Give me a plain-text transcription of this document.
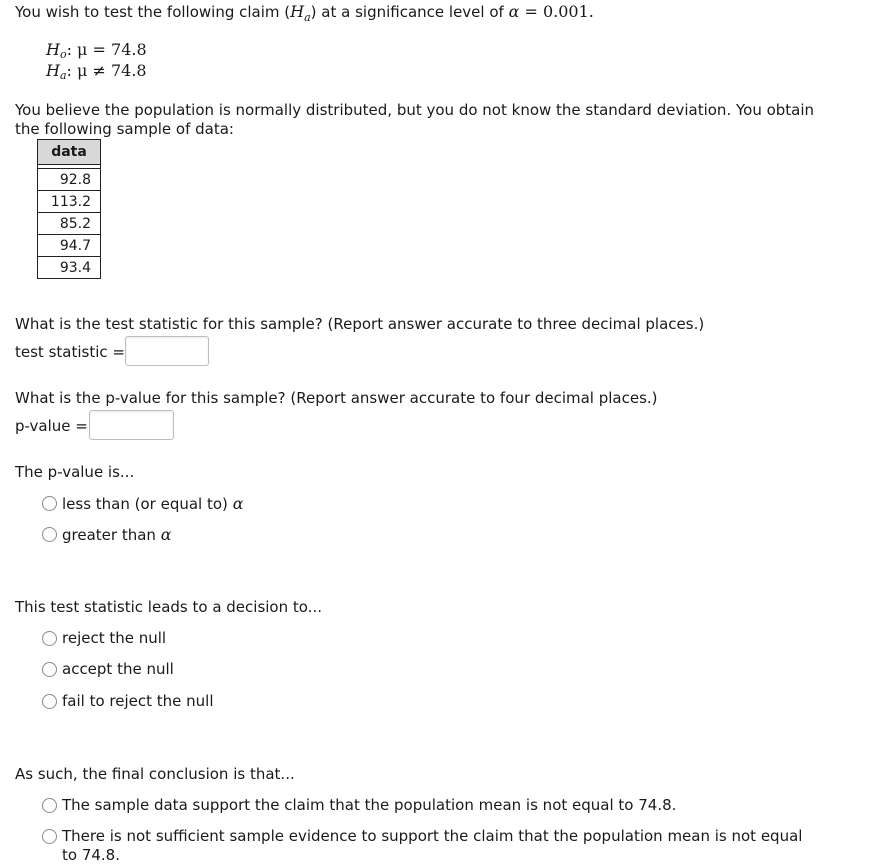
You wish to test the following claim $(H_a)$ at a significance level of α = 0.001.
$H_o$: μ = 74.8
$H_a$: μ ≠ 74.8
You believe the population is normally distributed, but you do not know the standard deviation. You obtain
the following sample of data:
data

92.8
113.2
85.2
94.7
93.4
What is the test statistic for this sample? (Report answer accurate to three decimal places.)
test statistic =
What is the p-value for this sample? (Report answer accurate to four decimal places.)
p-value =
The p-value is...
less than (or equal to) α
greater than α
This test statistic leads to a decision to...
reject the null
accept the null
fail to reject the null
As such, the final conclusion is that...
The sample data support the claim that the population mean is not equal to 74.8.
There is not sufficient sample evidence to support the claim that the population mean is not equal to 74.8.
